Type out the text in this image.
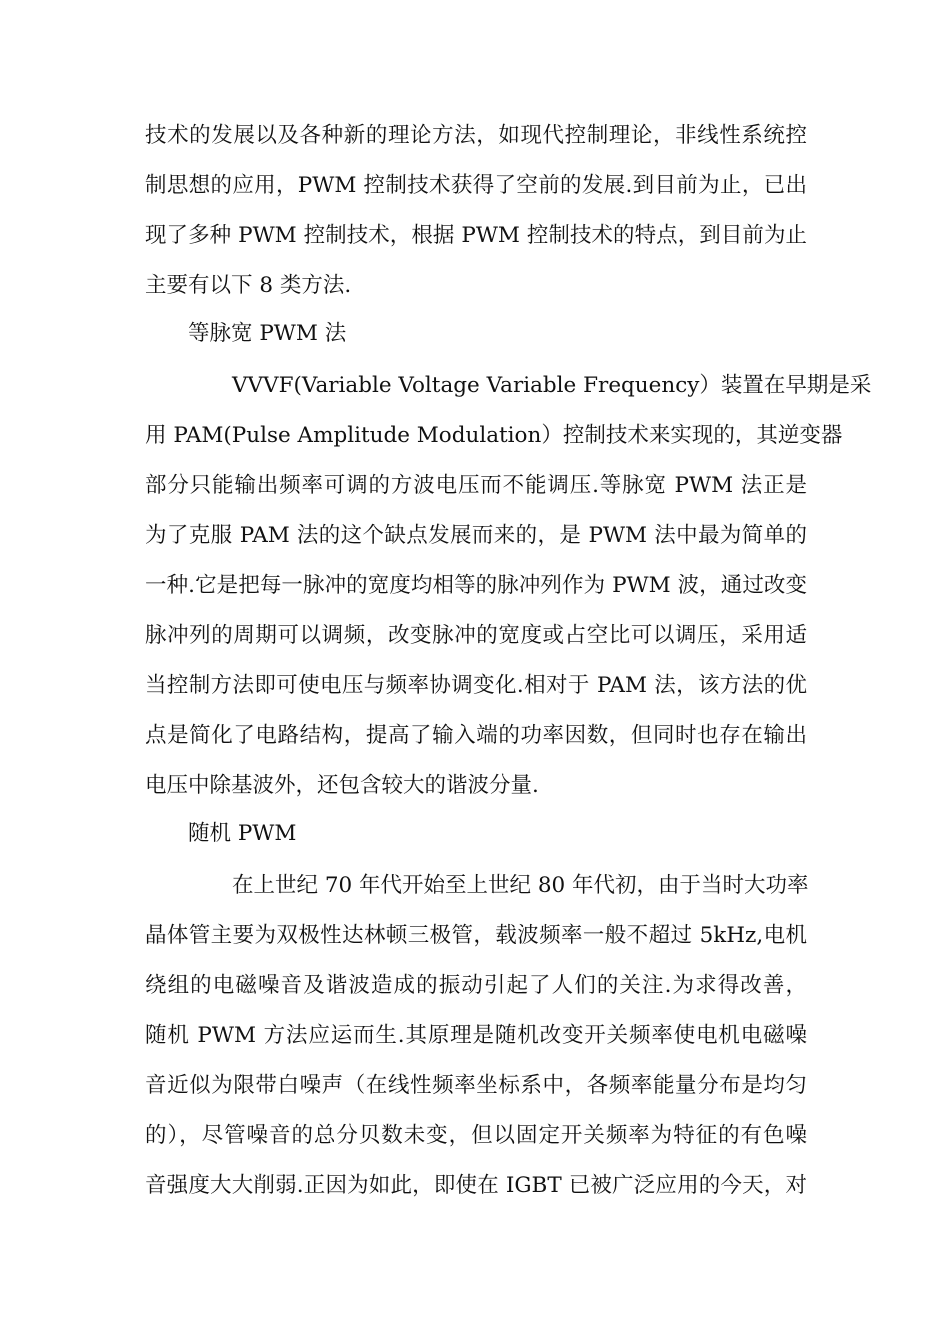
技术的发展以及各种新的理论方法，如现代控制理论，非线性系统控
制思想的应用，PWM 控制技术获得了空前的发展.到目前为止，已出
现了多种 PWM 控制技术，根据 PWM 控制技术的特点，到目前为止
主要有以下 8 类方法.
等脉宽 PWM 法
VVVF(Variable Voltage Variable Frequency）装置在早期是采
用 PAM(Pulse Amplitude Modulation）控制技术来实现的，其逆变器
部分只能输出频率可调的方波电压而不能调压.等脉宽 PWM 法正是
为了克服 PAM 法的这个缺点发展而来的，是 PWM 法中最为简单的
一种.它是把每一脉冲的宽度均相等的脉冲列作为 PWM 波，通过改变
脉冲列的周期可以调频，改变脉冲的宽度或占空比可以调压，采用适
当控制方法即可使电压与频率协调变化.相对于 PAM 法，该方法的优
点是简化了电路结构，提高了输入端的功率因数，但同时也存在输出
电压中除基波外，还包含较大的谐波分量.
随机 PWM
在上世纪 70 年代开始至上世纪 80 年代初，由于当时大功率
晶体管主要为双极性达林顿三极管，载波频率一般不超过 5kHz,电机
绕组的电磁噪音及谐波造成的振动引起了人们的关注.为求得改善，
随机 PWM 方法应运而生.其原理是随机改变开关频率使电机电磁噪
音近似为限带白噪声（在线性频率坐标系中，各频率能量分布是均匀
的），尽管噪音的总分贝数未变，但以固定开关频率为特征的有色噪
音强度大大削弱.正因为如此，即使在 IGBT 已被广泛应用的今天，对
